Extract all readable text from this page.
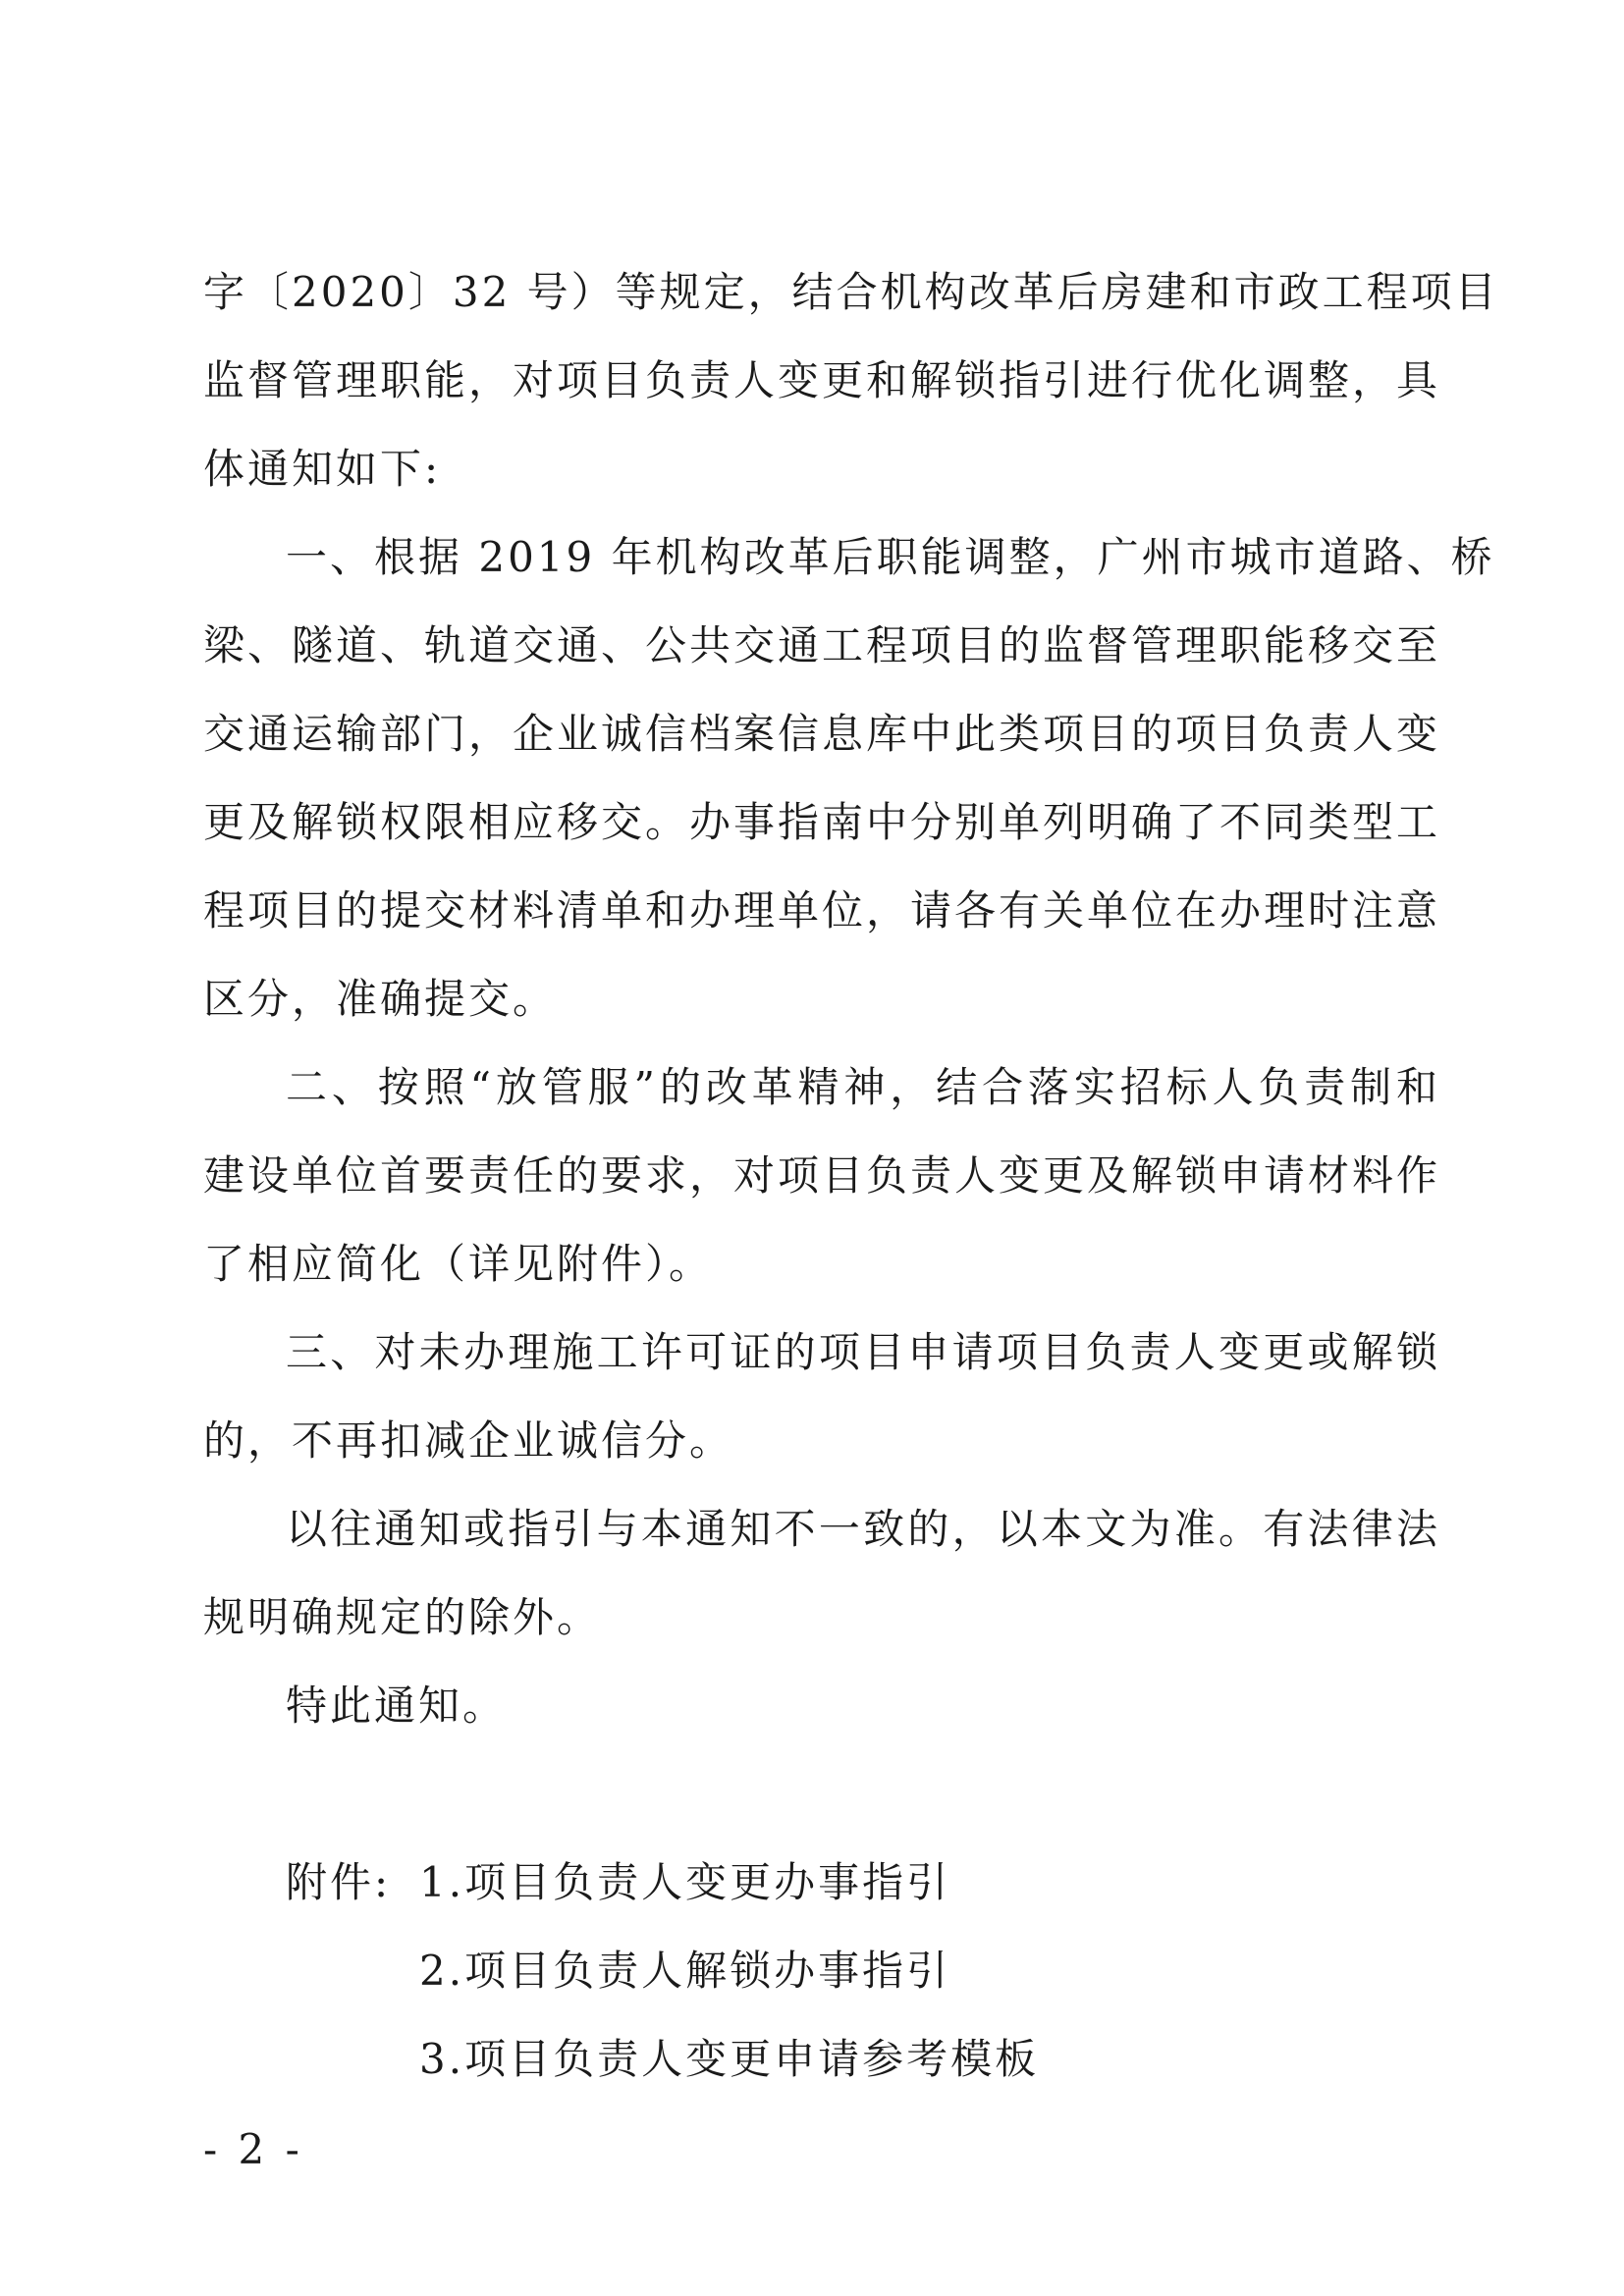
字〔2020〕32 号）等规定，结合机构改革后房建和市政工程项目

监督管理职能，对项目负责人变更和解锁指引进行优化调整，具

体通知如下:

一、根据 2019 年机构改革后职能调整，广州市城市道路、桥

梁、隧道、轨道交通、公共交通工程项目的监督管理职能移交至

交通运输部门，企业诚信档案信息库中此类项目的项目负责人变

更及解锁权限相应移交。办事指南中分别单列明确了不同类型工

程项目的提交材料清单和办理单位，请各有关单位在办理时注意

区分，准确提交。

二、按照“放管服”的改革精神，结合落实招标人负责制和

建设单位首要责任的要求，对项目负责人变更及解锁申请材料作

了相应简化（详见附件）。

三、对未办理施工许可证的项目申请项目负责人变更或解锁

的，不再扣减企业诚信分。

以往通知或指引与本通知不一致的，以本文为准。有法律法

规明确规定的除外。

特此通知。

附件: 1.项目负责人变更办事指引

2.项目负责人解锁办事指引

3.项目负责人变更申请参考模板

- 2 -
